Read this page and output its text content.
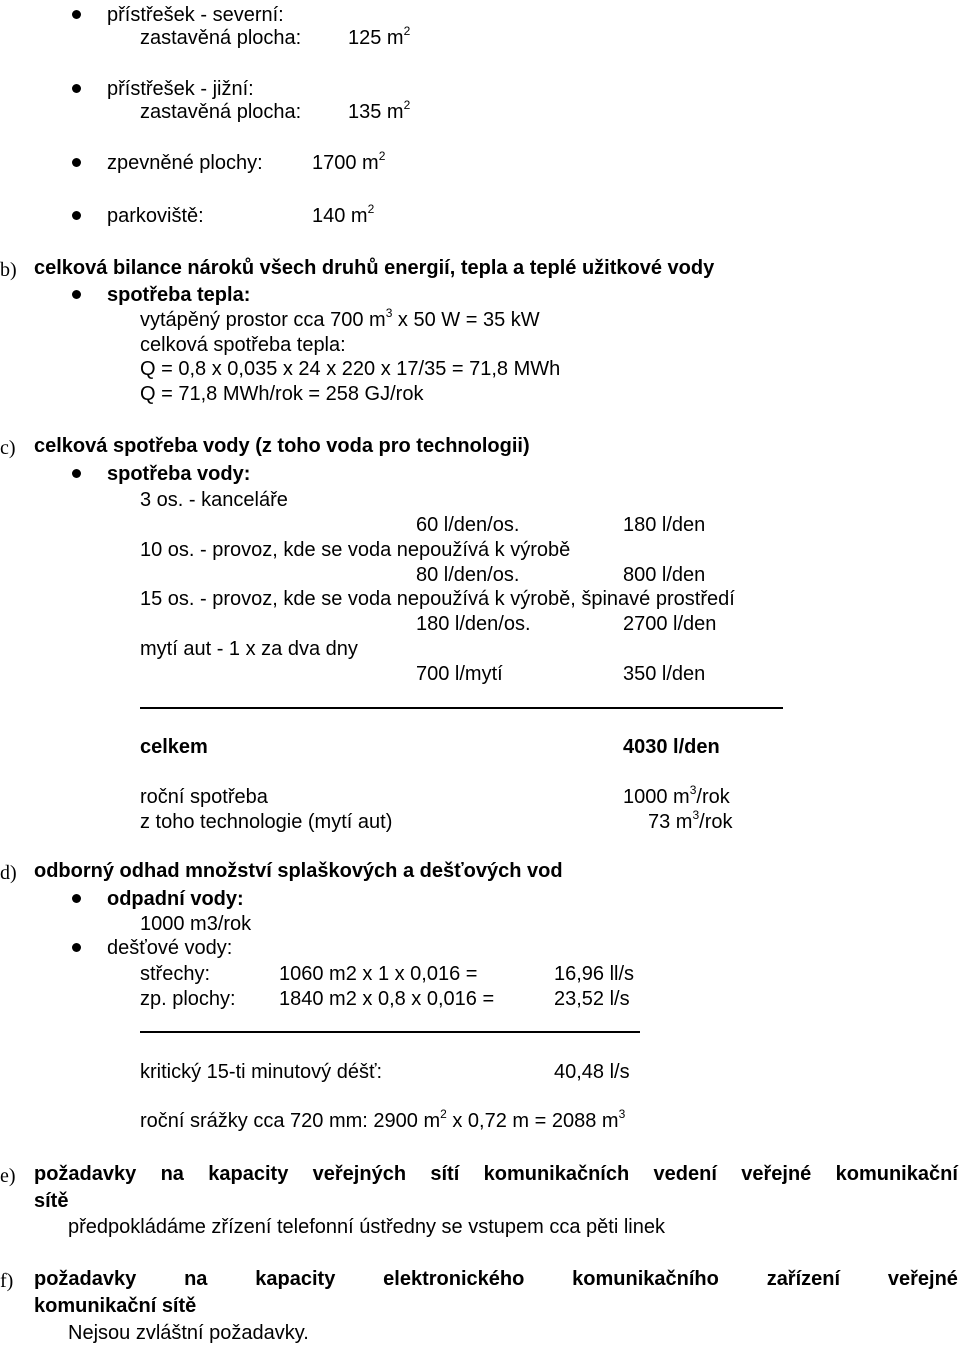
přístřešek - severní:
zastavěná plocha: 125 $m^2$
přístřešek - jižní:
zastavěná plocha: 135 $m^2$
zpevněné plochy: 1700 $m^2$
parkoviště:	140 $m^2$
b) celková bilance nároků všech druhů energií, tepla a teplé užitkové vody
spotřeba tepla:
vytápěný prostor cca 700 $m^3$ x 50 W = 35 kW
celková spotřeba tepla:
Q = 0,8 x 0,035 x 24 x 220 x 17/35 = 71,8 MWh
Q = 71,8 MWh/rok = 258 GJ/rok
c) celková spotřeba vody (z toho voda pro technologii)
spotřeba vody:
3 os. - kanceláře
60 l/den/os.	180 l/den
10 os. - provoz, kde se voda nepoužívá k výrobě
80 l/den/os.	800 l/den
15 os. - provoz, kde se voda nepoužívá k výrobě, špinavé prostředí
180 l/den/os.	2700 l/den
mytí aut - 1 x za dva dny
700 l/mytí	350 l/den
celkem	4030 l/den
roční spotřeba	1000 $m^3$/rok
z toho technologie (mytí aut)	73 $m^3$/rok
d) odborný odhad množství splaškových a dešťových vod
odpadní vody:
1000 m3/rok
dešťové vody:
střechy:	1060 m2 x 1 x 0,016 =	16,96 ll/s
zp. plochy: 1840 m2 x 0,8 x 0,016 =	23,52 l/s
kritický 15-ti minutový déšť:	40,48 l/s
roční srážky cca 720 mm: 2900 $m^2$ x 0,72 m = 2088 $m^3$
e) požadavky na kapacity veřejných sítí komunikačních vedení veřejné komunikační
sítě
předpokládáme zřízení telefonní ústředny se vstupem cca pěti linek
f) požadavky na kapacity elektronického komunikačního zařízení veřejné
komunikační sítě
Nejsou zvláštní požadavky.
